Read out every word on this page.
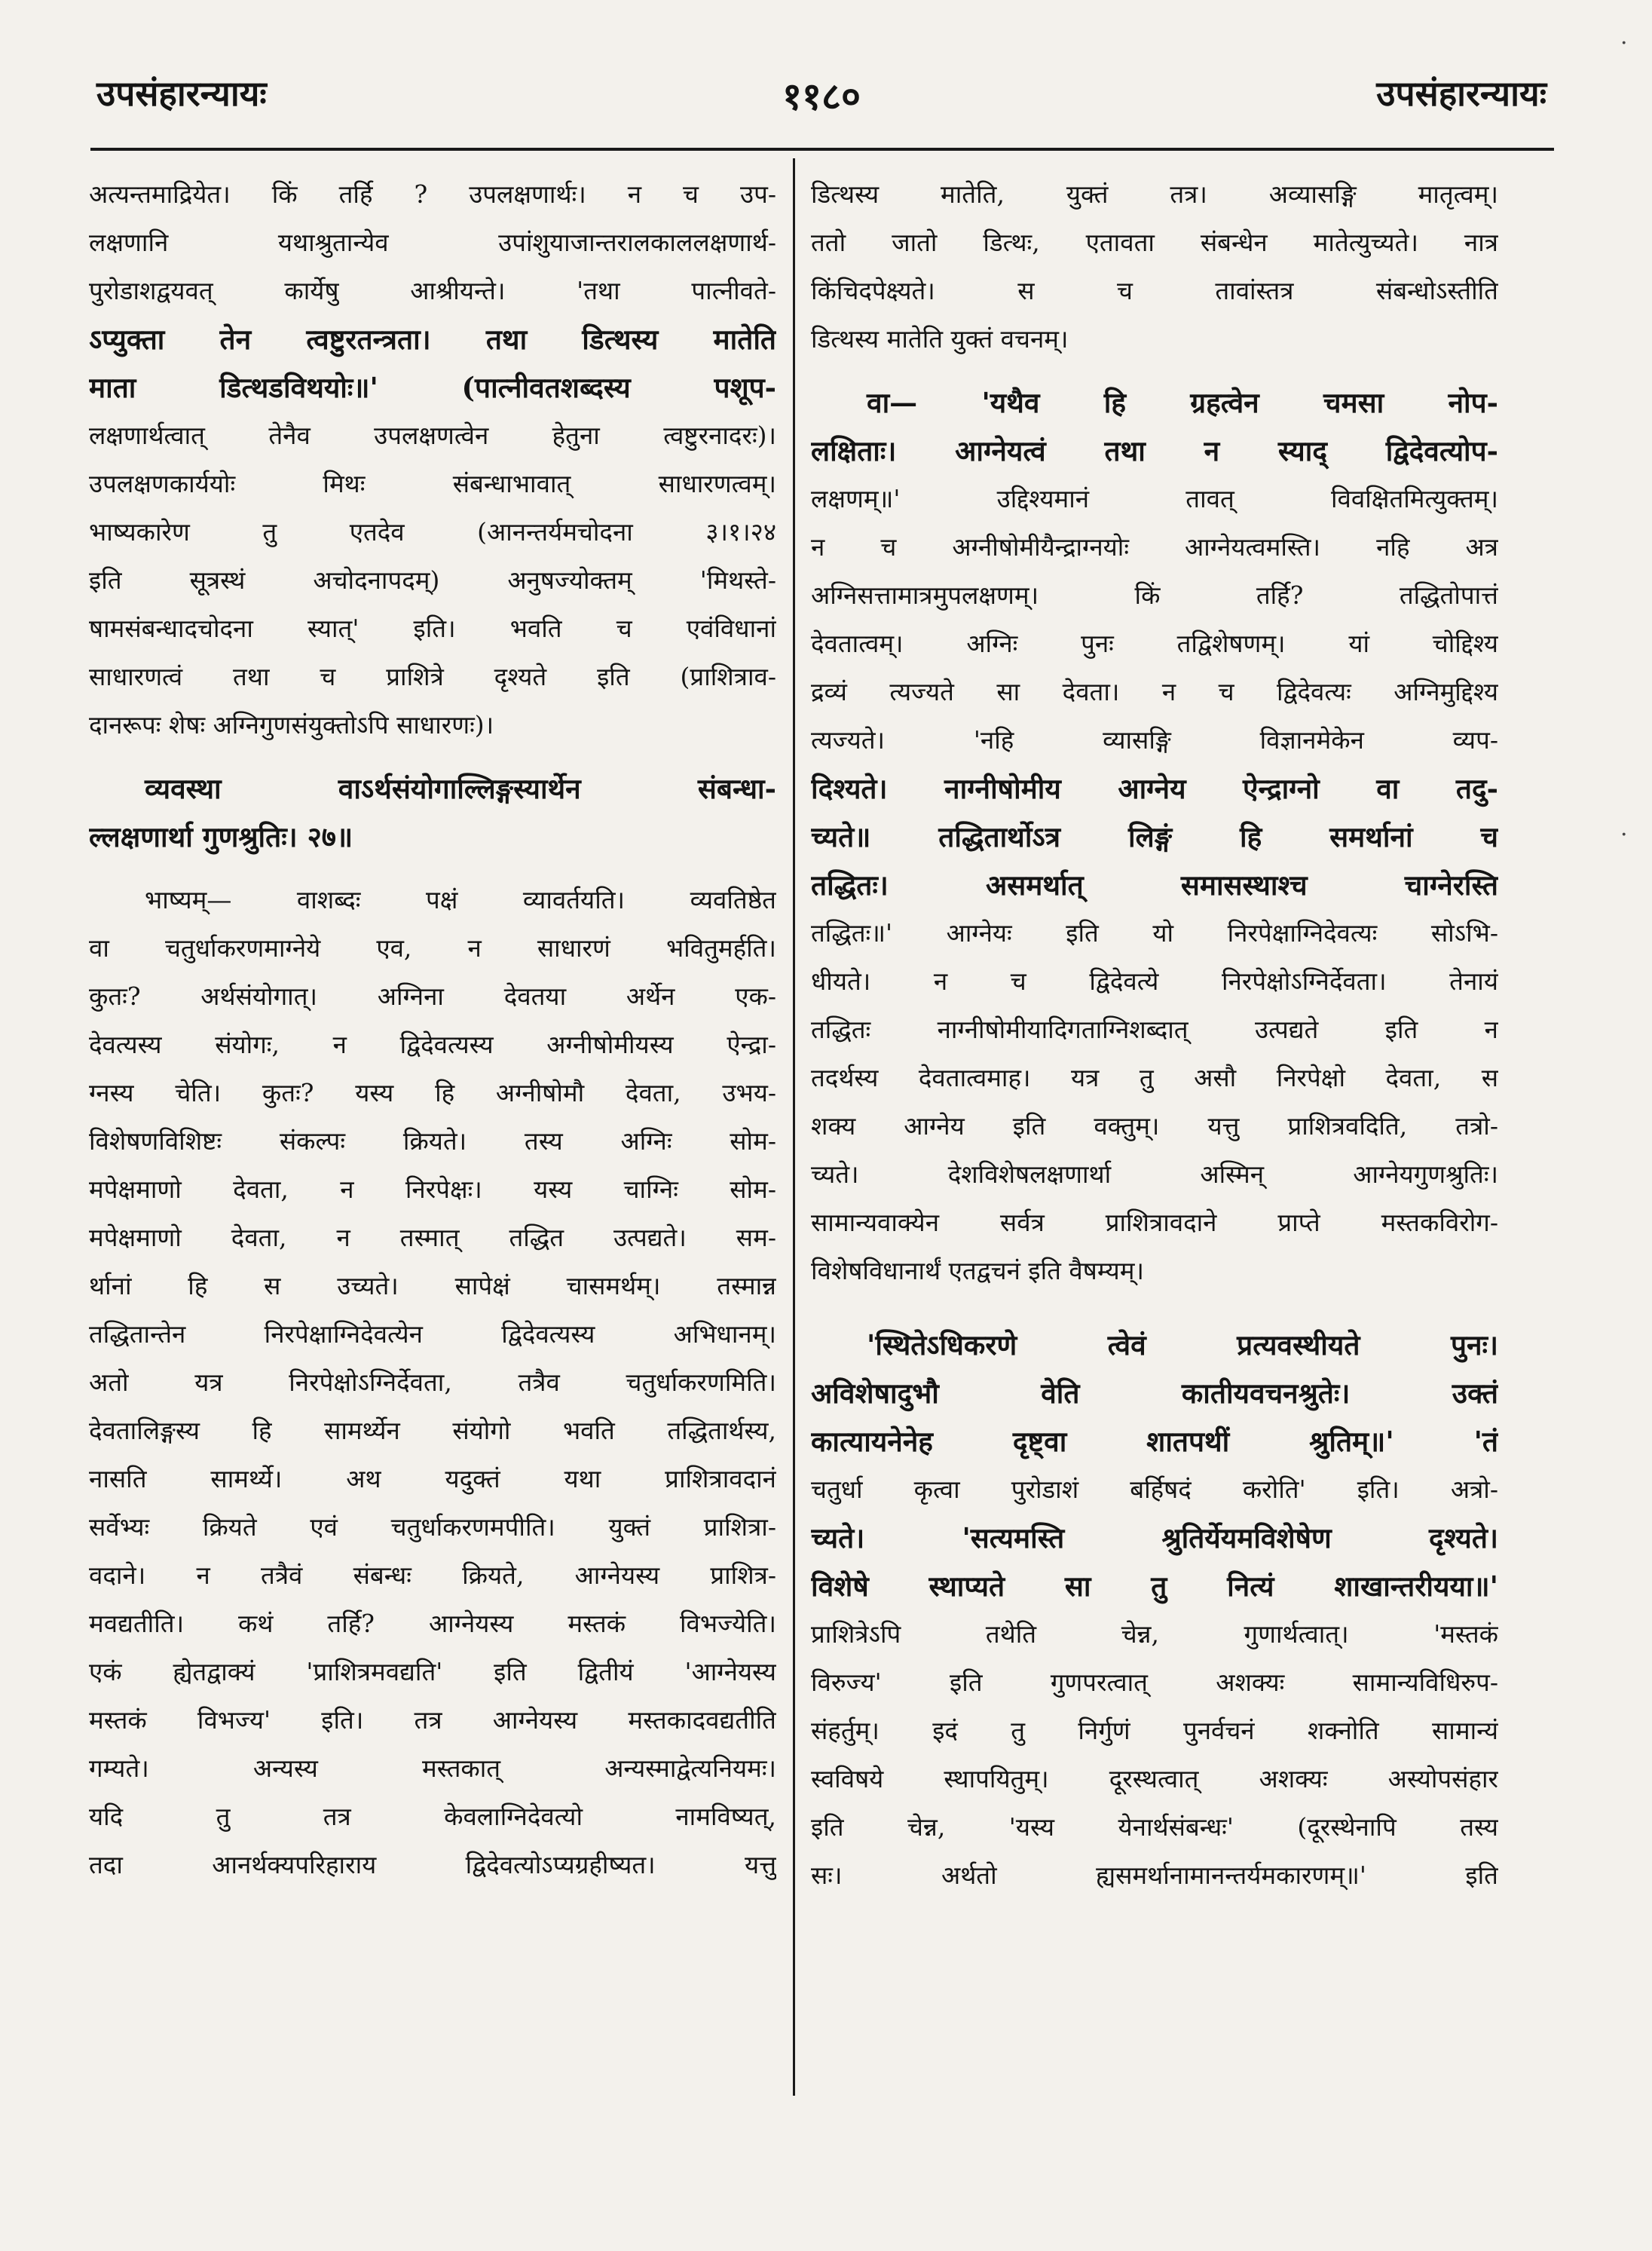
उपसंहारन्यायः	११८०	उपसंहारन्यायः
अत्यन्तमाद्रियेत। किं तर्हि ? उपलक्षणार्थः। न च उप-
लक्षणानि यथाश्रुतान्येव उपांशुयाजान्तरालकाललक्षणार्थ-
पुरोडाशद्वयवत् कार्येषु आश्रीयन्ते। 'तथा पात्नीवते-
ऽप्युक्ता तेन त्वष्टुरतन्त्रता। तथा डित्थस्य मातेति
माता डित्थडविथयोः॥' (पात्नीवतशब्दस्य पशूप-
लक्षणार्थत्वात् तेनैव उपलक्षणत्वेन हेतुना त्वष्टुरनादरः)।
उपलक्षणकार्ययोः मिथः संबन्धाभावात् साधारणत्वम्।
भाष्यकारेण तु एतदेव (आनन्तर्यमचोदना ३।१।२४
इति सूत्रस्थं अचोदनापदम्) अनुषज्योक्तम् 'मिथस्ते-
षामसंबन्धादचोदना स्यात्' इति। भवति च एवंविधानां
साधारणत्वं तथा च प्राशित्रे दृश्यते इति (प्राशित्राव-
दानरूपः शेषः अग्निगुणसंयुक्तोऽपि साधारणः)।
व्यवस्था वाऽर्थसंयोगाल्लिङ्गस्यार्थेन संबन्धा-
ल्लक्षणार्था गुणश्रुतिः। २७॥
भाष्यम्— वाशब्दः पक्षं व्यावर्तयति। व्यवतिष्ठेत
वा चतुर्धाकरणमाग्नेये एव, न साधारणं भवितुमर्हति।
कुतः? अर्थसंयोगात्। अग्निना देवतया अर्थेन एक-
देवत्यस्य संयोगः, न द्विदेवत्यस्य अग्नीषोमीयस्य ऐन्द्रा-
ग्नस्य चेति। कुतः? यस्य हि अग्नीषोमौ देवता, उभय-
विशेषणविशिष्टः संकल्पः क्रियते। तस्य अग्निः सोम-
मपेक्षमाणो देवता, न निरपेक्षः। यस्य चाग्निः सोम-
मपेक्षमाणो देवता, न तस्मात् तद्धित उत्पद्यते। सम-
र्थानां हि स उच्यते। सापेक्षं चासमर्थम्। तस्मान्न
तद्धितान्तेन निरपेक्षाग्निदेवत्येन द्विदेवत्यस्य अभिधानम्।
अतो यत्र निरपेक्षोऽग्निर्देवता, तत्रैव चतुर्धाकरणमिति।
देवतालिङ्गस्य हि सामर्थ्येन संयोगो भवति तद्धितार्थस्य,
नासति सामर्थ्ये। अथ यदुक्तं यथा प्राशित्रावदानं
सर्वेभ्यः क्रियते एवं चतुर्धाकरणमपीति। युक्तं प्राशित्रा-
वदाने। न तत्रैवं संबन्धः क्रियते, आग्नेयस्य प्राशित्र-
मवद्यतीति। कथं तर्हि? आग्नेयस्य मस्तकं विभज्येति।
एकं ह्येतद्वाक्यं 'प्राशित्रमवद्यति' इति द्वितीयं 'आग्नेयस्य
मस्तकं विभज्य' इति। तत्र आग्नेयस्य मस्तकादवद्यतीति
गम्यते। अन्यस्य मस्तकात् अन्यस्माद्वेत्यनियमः।
यदि तु तत्र केवलाग्निदेवत्यो नामविष्यत्,
तदा आनर्थक्यपरिहाराय द्विदेवत्योऽप्यग्रहीष्यत। यत्तु
डित्थस्य मातेति, युक्तं तत्र। अव्यासङ्गि मातृत्वम्।
ततो जातो डित्थः, एतावता संबन्धेन मातेत्युच्यते। नात्र
किंचिदपेक्ष्यते। स च तावांस्तत्र संबन्धोऽस्तीति
डित्थस्य मातेति युक्तं वचनम्।
वा— 'यथैव हि ग्रहत्वेन चमसा नोप-
लक्षिताः। आग्नेयत्वं तथा न स्याद् द्विदेवत्योप-
लक्षणम्॥' उद्दिश्यमानं तावत् विवक्षितमित्युक्तम्।
न च अग्नीषोमीयैन्द्राग्नयोः आग्नेयत्वमस्ति। नहि अत्र
अग्निसत्तामात्रमुपलक्षणम्। किं तर्हि? तद्धितोपात्तं
देवतात्वम्। अग्निः पुनः तद्विशेषणम्। यां चोद्दिश्य
द्रव्यं त्यज्यते सा देवता। न च द्विदेवत्यः अग्निमुद्दिश्य
त्यज्यते। 'नहि व्यासङ्गि विज्ञानमेकेन व्यप-
दिश्यते। नाग्नीषोमीय आग्नेय ऐन्द्राग्नो वा तदु-
च्यते॥ तद्धितार्थोऽत्र लिङ्गं हि समर्थानां च
तद्धितः। असमर्थात् समासस्थाश्च चाग्नेरस्ति
तद्धितः॥' आग्नेयः इति यो निरपेक्षाग्निदेवत्यः सोऽभि-
धीयते। न च द्विदेवत्ये निरपेक्षोऽग्निर्देवता। तेनायं
तद्धितः नाग्नीषोमीयादिगताग्निशब्दात् उत्पद्यते इति न
तदर्थस्य देवतात्वमाह। यत्र तु असौ निरपेक्षो देवता, स
शक्य आग्नेय इति वक्तुम्। यत्तु प्राशित्रवदिति, तत्रो-
च्यते। देशविशेषलक्षणार्था अस्मिन् आग्नेयगुणश्रुतिः।
सामान्यवाक्येन सर्वत्र प्राशित्रावदाने प्राप्ते मस्तकविरोग-
विशेषविधानार्थं एतद्वचनं इति वैषम्यम्।
'स्थितेऽधिकरणे त्वेवं प्रत्यवस्थीयते पुनः।
अविशेषादुभौ वेति कातीयवचनश्रुतेः। उक्तं
कात्यायनेनेह दृष्ट्वा शातपथीं श्रुतिम्॥' 'तं
चतुर्धा कृत्वा पुरोडाशं बर्हिषदं करोति' इति। अत्रो-
च्यते। 'सत्यमस्ति श्रुतिर्येयमविशेषेण दृश्यते।
विशेषे स्थाप्यते सा तु नित्यं शाखान्तरीयया॥'
प्राशित्रेऽपि तथेति चेन्न, गुणार्थत्वात्। 'मस्तकं
विरुज्य' इति गुणपरत्वात् अशक्यः सामान्यविधिरुप-
संहर्तुम्। इदं तु निर्गुणं पुनर्वचनं शक्नोति सामान्यं
स्वविषये स्थापयितुम्। दूरस्थत्वात् अशक्यः अस्योपसंहार
इति चेन्न, 'यस्य येनार्थसंबन्धः' (दूरस्थेनापि तस्य
सः। अर्थतो ह्यसमर्थानामानन्तर्यमकारणम्॥' इति
·
·
